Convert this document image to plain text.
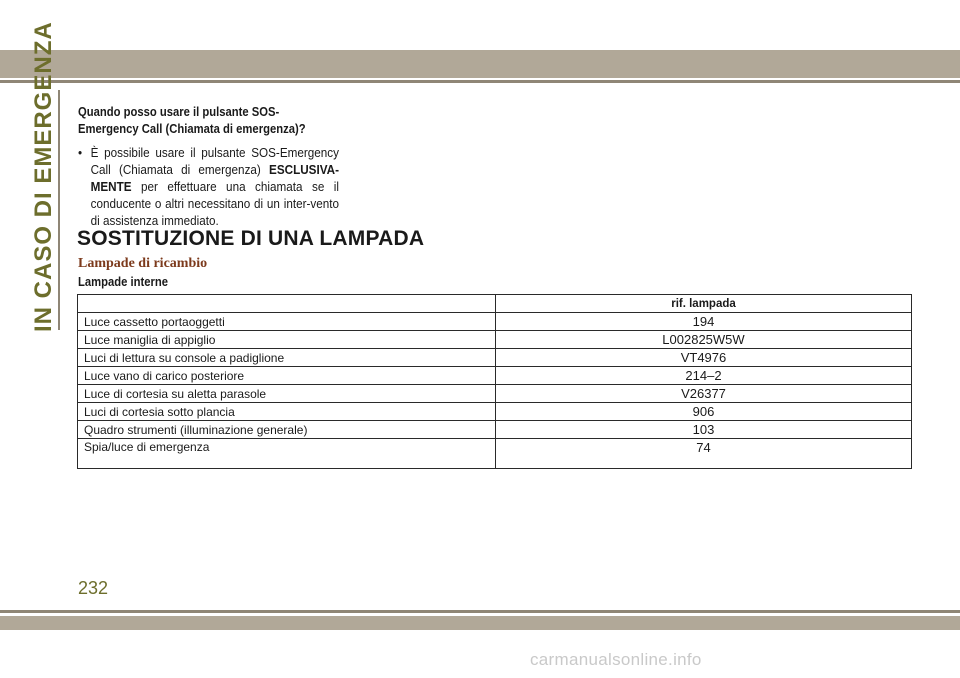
IN CASO DI EMERGENZA Quando posso usare il pulsante SOS-Emergency Call (Chiamata di emergenza)?
• È possibile usare il pulsante SOS-Emergency Call (Chiamata di emergenza) ESCLUSIVA-MENTE per effettuare una chiamata se il conducente o altri necessitano di un inter-vento di assistenza immediato.
SOSTITUZIONE DI UNA LAMPADA
Lampade di ricambio
Lampade interne
	rif. lampada
Luce cassetto portaoggetti	194
Luce maniglia di appiglio	L002825W5W
Luci di lettura su console a padiglione	VT4976
Luce vano di carico posteriore	214–2
Luce di cortesia su aletta parasole	V26377
Luci di cortesia sotto plancia	906
Quadro strumenti (illuminazione generale)	103
Spia/luce di emergenza	74
232
carmanualsonline.info
